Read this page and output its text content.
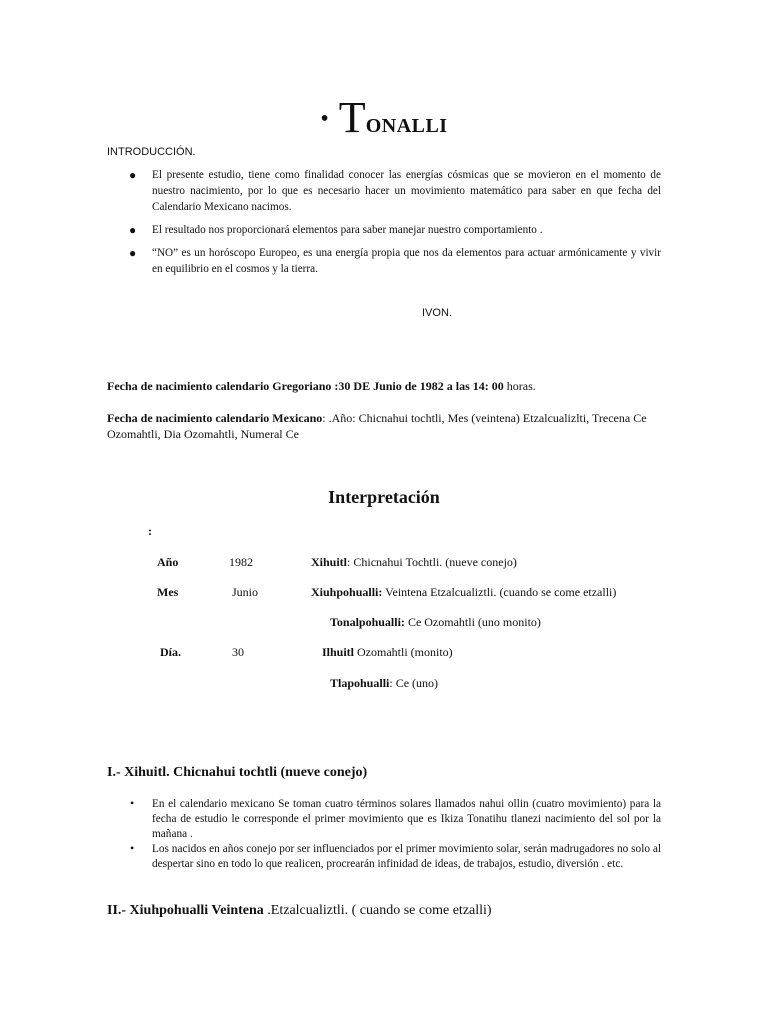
• TONALLI
INTRODUCCIÓN.
● El presente estudio, tiene como finalidad conocer las energías cósmicas que se movieron en el momento de nuestro nacimiento, por lo que es necesario hacer un movimiento matemático para saber en que fecha del Calendario Mexicano nacimos.
● El resultado nos proporcionará elementos para saber manejar nuestro comportamiento .
● “NO” es un horóscopo Europeo, es una energía propia que nos da elementos para actuar armónicamente y vivir en equilibrio en el cosmos y la tierra.
IVON.
Fecha de nacimiento calendario Gregoriano :30 DE Junio de 1982 a las 14: 00 horas.
Fecha de nacimiento calendario Mexicano: .Año: Chicnahui tochtli, Mes (veintena) Etzalcualizlti, Trecena Ce Ozomahtli, Dia Ozomahtli, Numeral Ce
Interpretación
:
Año	1982	Xihuitl: Chicnahui Tochtli. (nueve conejo)
Mes	Junio	Xiuhpohualli: Veintena Etzalcualiztli. (cuando se come etzalli)
Tonalpohualli: Ce Ozomahtli (uno monito)
Día.	30	Ilhuitl Ozomahtli (monito)
Tlapohualli: Ce (uno)
I.- Xihuitl. Chicnahui tochtli (nueve conejo)
• En el calendario mexicano Se toman cuatro términos solares llamados nahui ollin (cuatro movimiento) para la fecha de estudio le corresponde el primer movimiento que es Ikiza Tonatihu tlanezi nacimiento del sol por la mañana .
• Los nacidos en años conejo por ser influenciados por el primer movimiento solar, serán madrugadores no solo al despertar sino en todo lo que realicen, procrearán infinidad de ideas, de trabajos, estudio, diversión . etc.
II.- Xiuhpohualli Veintena .Etzalcualiztli. ( cuando se come etzalli)
